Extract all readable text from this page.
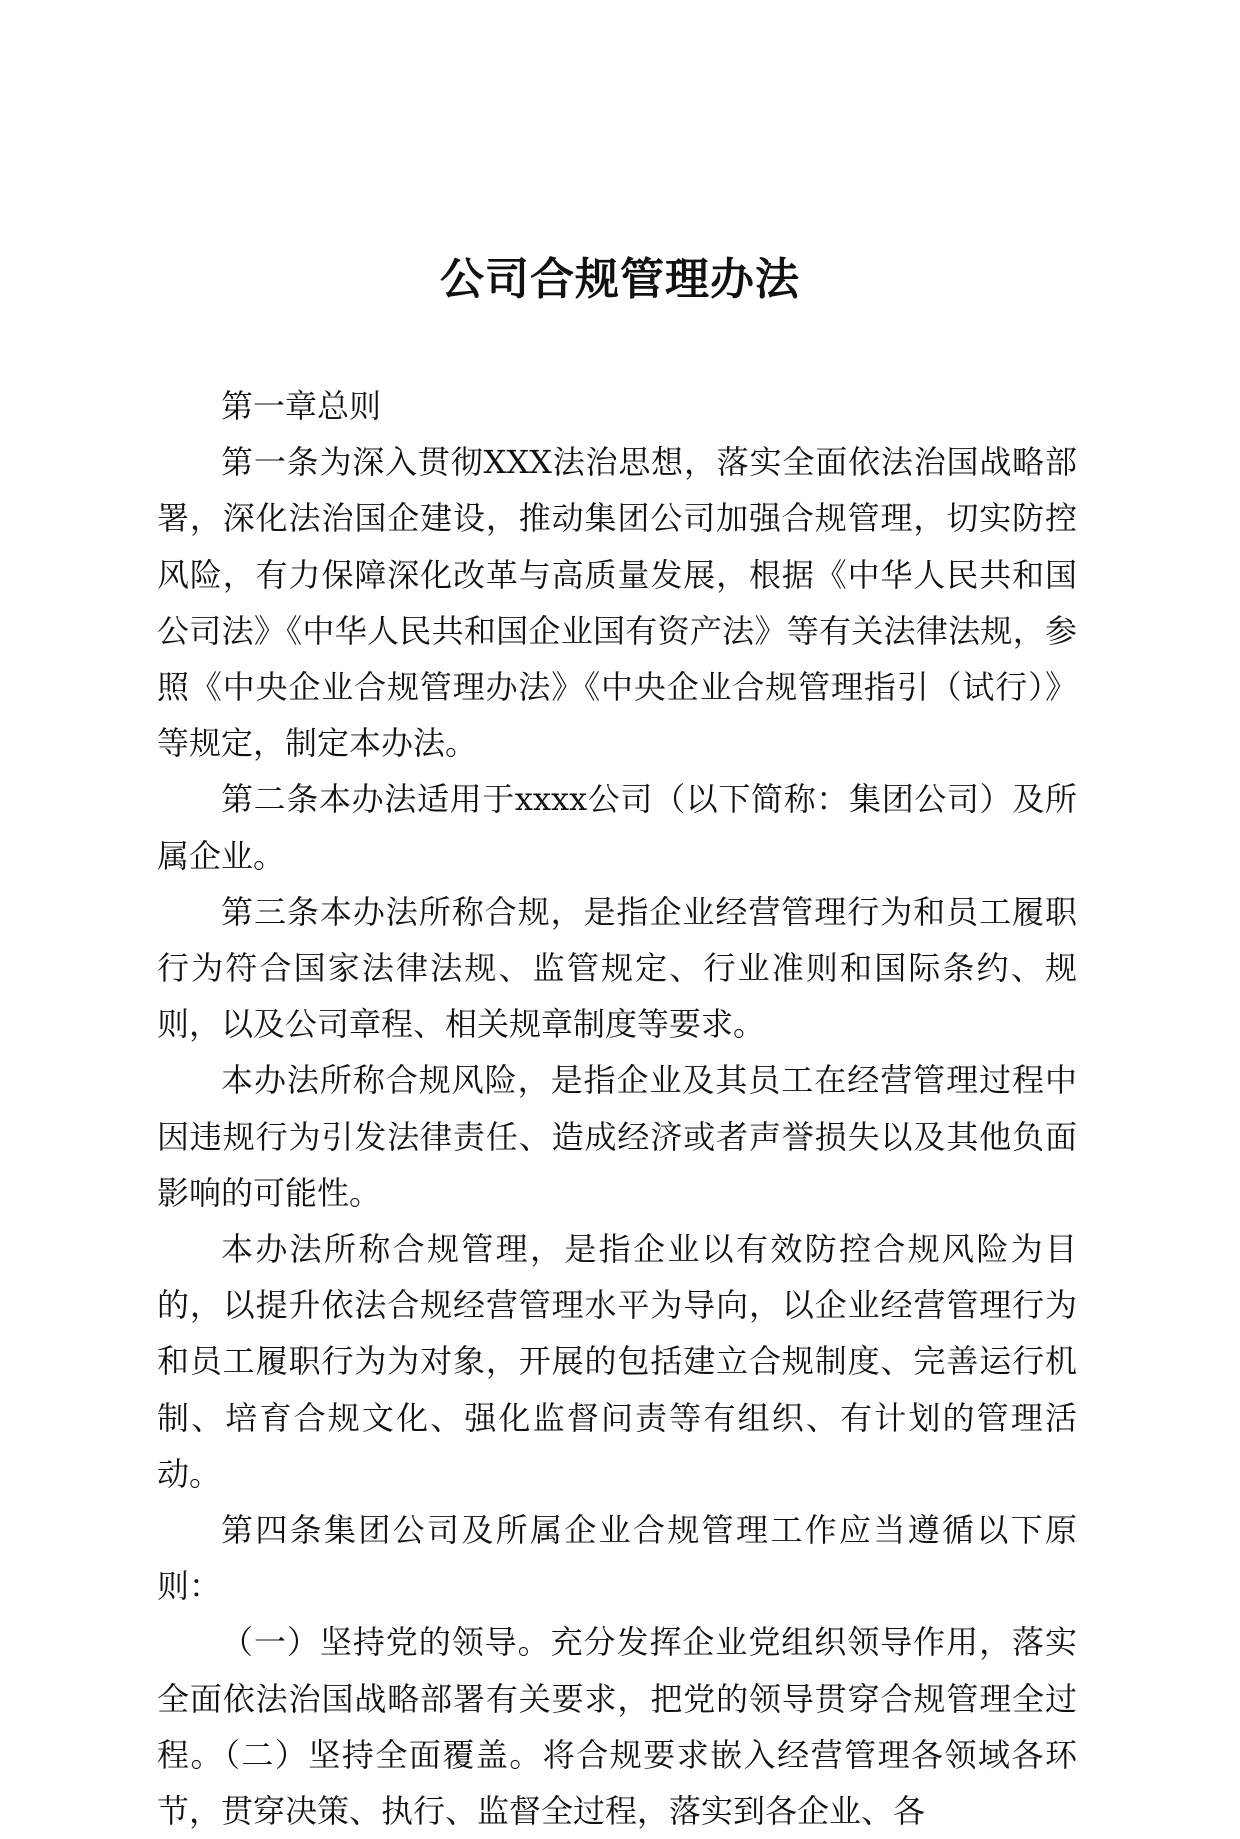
公司合规管理办法

第一章总则

第一条为深入贯彻XXX法治思想，落实全面依法治国战略部署，深化法治国企建设，推动集团公司加强合规管理，切实防控风险，有力保障深化改革与高质量发展，根据《中华人民共和国公司法》《中华人民共和国企业国有资产法》等有关法律法规，参照《中央企业合规管理办法》《中央企业合规管理指引（试行）》等规定，制定本办法。

第二条本办法适用于xxxx公司（以下简称：集团公司）及所属企业。

第三条本办法所称合规，是指企业经营管理行为和员工履职行为符合国家法律法规、监管规定、行业准则和国际条约、规则，以及公司章程、相关规章制度等要求。

本办法所称合规风险，是指企业及其员工在经营管理过程中因违规行为引发法律责任、造成经济或者声誉损失以及其他负面影响的可能性。

本办法所称合规管理，是指企业以有效防控合规风险为目的，以提升依法合规经营管理水平为导向，以企业经营管理行为和员工履职行为为对象，开展的包括建立合规制度、完善运行机制、培育合规文化、强化监督问责等有组织、有计划的管理活动。

第四条集团公司及所属企业合规管理工作应当遵循以下原则：

（一）坚持党的领导。充分发挥企业党组织领导作用，落实全面依法治国战略部署有关要求，把党的领导贯穿合规管理全过程。（二）坚持全面覆盖。将合规要求嵌入经营管理各领域各环节，贯穿决策、执行、监督全过程，落实到各企业、各
